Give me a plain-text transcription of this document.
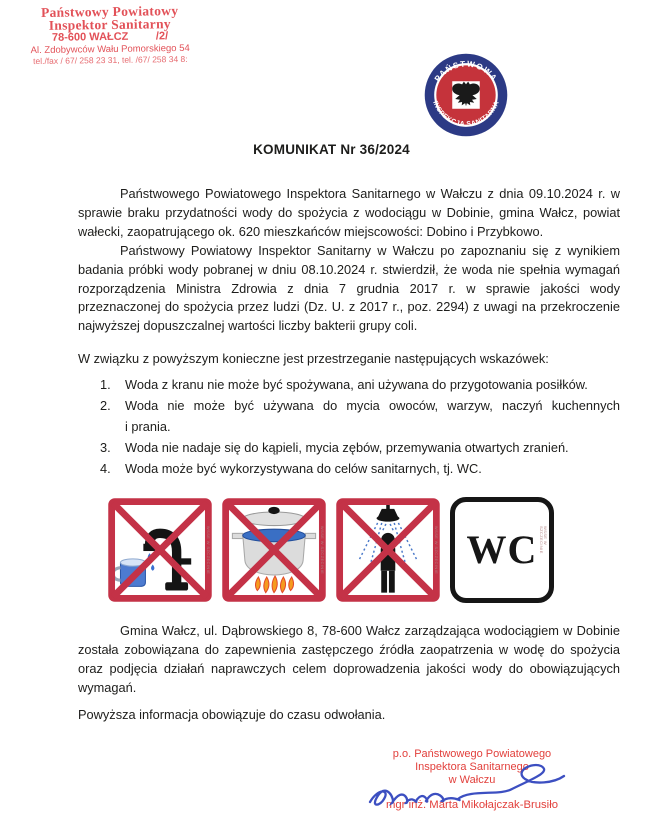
Państwowy Powiatowy
Inspektor Sanitarny
78-600 WAŁCZ         /2/
Al. Zdobywców Wału Pomorskiego 54
tel./fax / 67/ 258 23 31, tel. /67/ 258 34 8:
PAŃSTWOWA
INSPEKCJA SANITARNA
KOMUNIKAT Nr 36/2024

Państwowego Powiatowego Inspektora Sanitarnego w Wałczu z dnia 09.10.2024 r. w sprawie braku przydatności wody do spożycia z wodociągu w Dobinie, gmina Wałcz, powiat wałecki, zaopatrującego ok. 620 mieszkańców miejscowości: Dobino i Przybkowo.

Państwowy Powiatowy Inspektor Sanitarny w Wałczu po zapoznaniu się z wynikiem badania próbki wody pobranej w dniu 08.10.2024 r. stwierdził, że woda nie spełnia wymagań rozporządzenia Ministra Zdrowia z dnia 7 grudnia 2017 r. w sprawie jakości wody przeznaczonej do spożycia przez ludzi (Dz. U. z 2017 r., poz. 2294) z uwagi na przekroczenie najwyższej dopuszczalnej wartości liczby bakterii grupy coli.

W związku z powyższym konieczne jest przestrzeganie następujących wskazówek:
1.	Woda z kranu nie może być spożywana, ani używana do przygotowania posiłków.
2.	Woda nie może być używana do mycia owoców, warzyw, naczyń kuchennych
i prania.
3.	Woda nie nadaje się do kąpieli, mycia zębów, przemywania otwartych zranień.
4.	Woda może być wykorzystywana do celów sanitarnych, tj. WC.
WSSE W SZCZECINIE	WSSE W SZCZECINIE	WSSE W SZCZECINIE WC	WSSE W SZCZECINIE

Gmina Wałcz, ul. Dąbrowskiego 8, 78-600 Wałcz zarządzająca wodociągiem w Dobinie została zobowiązana do zapewnienia zastępczego źródła zaopatrzenia w wodę do spożycia oraz podjęcia działań naprawczych celem doprowadzenia jakości wody do obowiązujących wymagań.

Powyższa informacja obowiązuje do czasu odwołania.
p.o. Państwowego Powiatowego
Inspektora Sanitarnego
w Wałczu
mgr inż. Marta Mikołajczak-Brusiło
